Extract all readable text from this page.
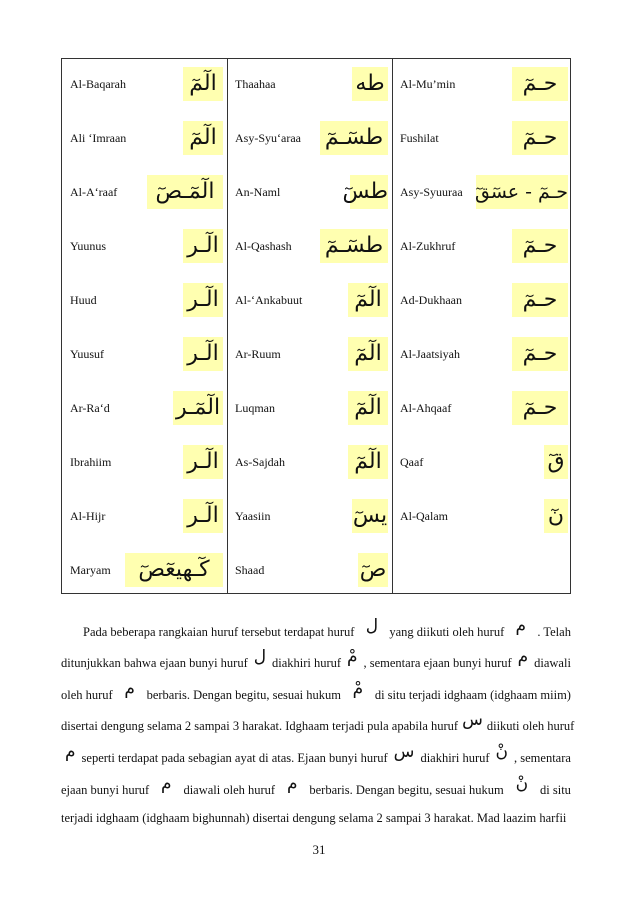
Al-Baqarah	الٓمٓ
Ali ‘Imraan	الٓمٓ
Al-A‘raaf	الٓمٓـصٓ
Yuunus	الٓـر
Huud	الٓـر
Yuusuf	الٓـر
Ar-Ra‘d	الٓمٓـر
Ibrahiim	الٓـر
Al-Hijr	الٓـر
Maryam	كٓـهيعٓصٓ
Thaahaa	طه
Asy-Syu‘araa طسٓـمٓ
An-Naml	طسٓ
Al-Qashash طسٓـمٓ
Al-‘Ankabuut الٓمٓ
Ar-Ruum	الٓمٓ
Luqman	الٓمٓ
As-Sajdah	الٓمٓ
Yaasiin	يسٓ
Shaad	صٓ
Al-Mu’min	حـمٓ
Fushilat	حـمٓ
Asy-Syuuraa حـمٓ - عسٓقٓ
Al-Zukhruf	حـمٓ
Ad-Dukhaan	حـمٓ
Al-Jaatsiyah	حـمٓ
Al-Ahqaaf	حـمٓ
Qaaf	قٓ
Al-Qalam	نٓ
Pada beberapa rangkaian huruf tersebut terdapat huruf ل yang diikuti oleh huruf م . Telah
ditunjukkan bahwa ejaan bunyi huruf ل diakhiri huruf مْ , sementara ejaan bunyi huruf م diawali
oleh huruf م berbaris. Dengan begitu, sesuai hukum مْ di situ terjadi idghaam (idghaam miim)
disertai dengung selama 2 sampai 3 harakat. Idghaam terjadi pula apabila huruf س diikuti oleh huruf
م seperti terdapat pada sebagian ayat di atas. Ejaan bunyi huruf س diakhiri huruf نْ , sementara
ejaan bunyi huruf م diawali oleh huruf م berbaris. Dengan begitu, sesuai hukum نْ di situ
terjadi idghaam (idghaam bighunnah) disertai dengung selama 2 sampai 3 harakat. Mad laazim harfii
31
